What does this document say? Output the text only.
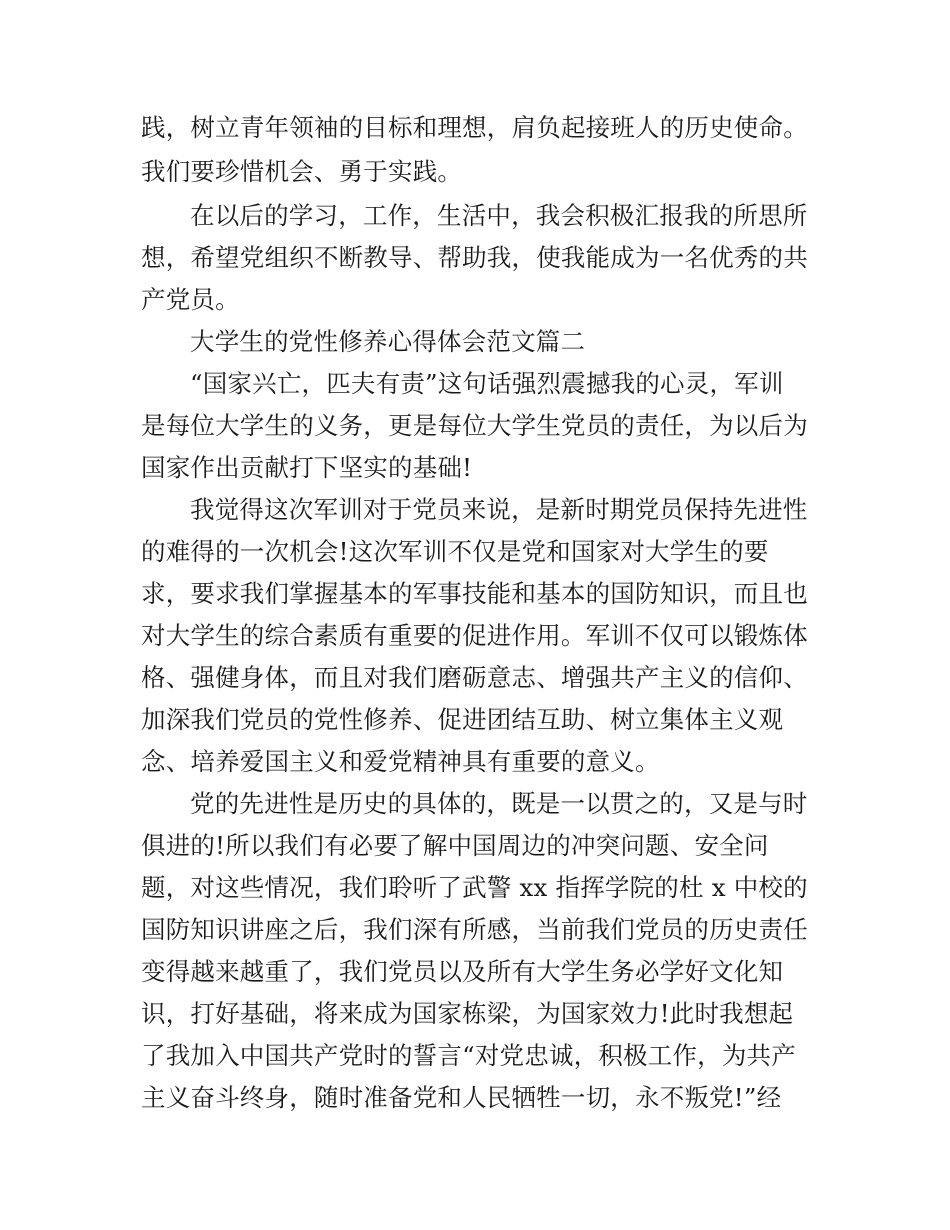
践，树立青年领袖的目标和理想，肩负起接班人的历史使命。
我们要珍惜机会、勇于实践。
在以后的学习，工作，生活中，我会积极汇报我的所思所
想，希望党组织不断教导、帮助我，使我能成为一名优秀的共
产党员。
大学生的党性修养心得体会范文篇二
“国家兴亡，匹夫有责”这句话强烈震撼我的心灵，军训
是每位大学生的义务，更是每位大学生党员的责任，为以后为
国家作出贡献打下坚实的基础!
我觉得这次军训对于党员来说，是新时期党员保持先进性
的难得的一次机会!这次军训不仅是党和国家对大学生的要
求，要求我们掌握基本的军事技能和基本的国防知识，而且也
对大学生的综合素质有重要的促进作用。军训不仅可以锻炼体
格、强健身体，而且对我们磨砺意志、增强共产主义的信仰、
加深我们党员的党性修养、促进团结互助、树立集体主义观
念、培养爱国主义和爱党精神具有重要的意义。
党的先进性是历史的具体的，既是一以贯之的，又是与时
俱进的!所以我们有必要了解中国周边的冲突问题、安全问
题，对这些情况，我们聆听了武警 xx 指挥学院的杜 x 中校的
国防知识讲座之后，我们深有所感，当前我们党员的历史责任
变得越来越重了，我们党员以及所有大学生务必学好文化知
识，打好基础，将来成为国家栋梁，为国家效力!此时我想起
了我加入中国共产党时的誓言“对党忠诚，积极工作，为共产
主义奋斗终身，随时准备党和人民牺牲一切，永不叛党!”经
